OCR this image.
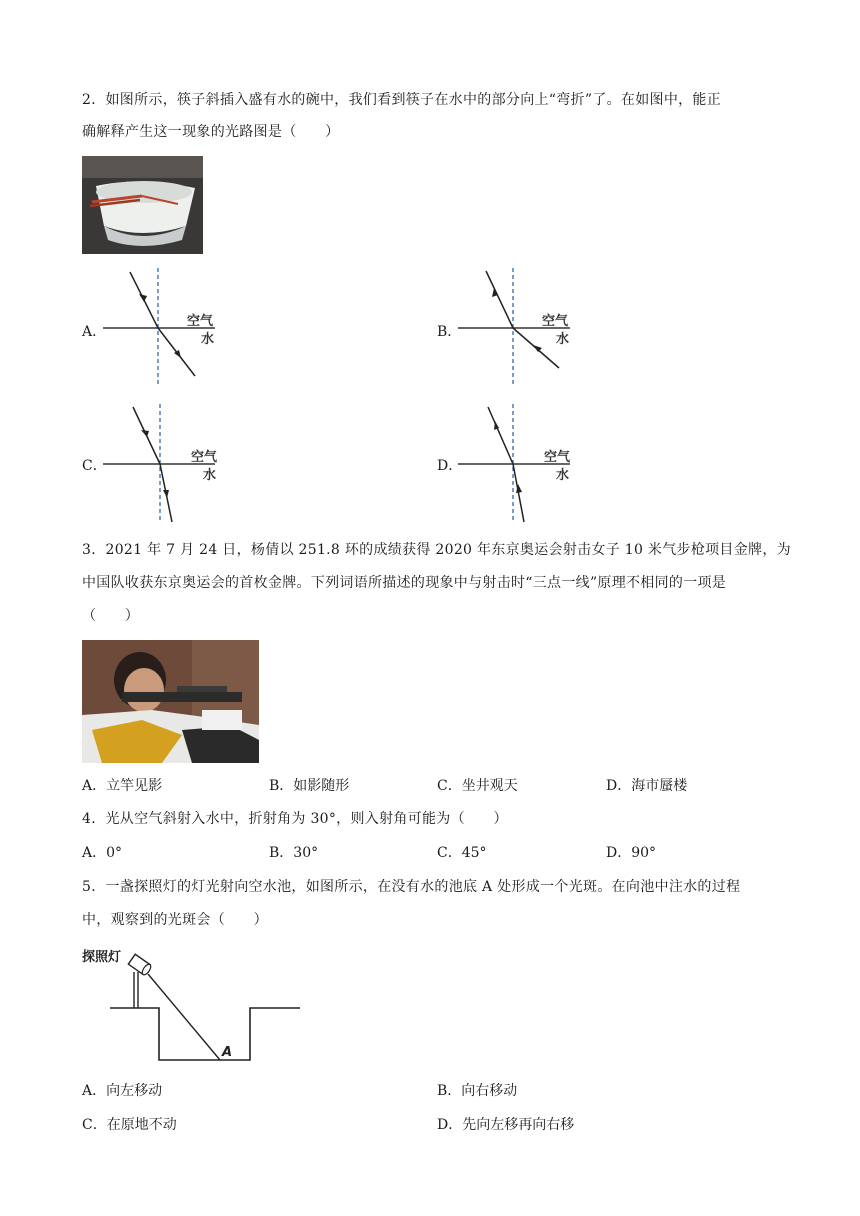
2．如图所示，筷子斜插入盛有水的碗中，我们看到筷子在水中的部分向上“弯折”了。在如图中，能正
确解释产生这一现象的光路图是（　　）
A．
空气
水	B．
空气
水
C．
空气
水
D．
空气
水
3．2021 年 7 月 24 日，杨倩以 251.8 环的成绩获得 2020 年东京奥运会射击女子 10 米气步枪项目金牌，为
中国队收获东京奥运会的首枚金牌。下列词语所描述的现象中与射击时“三点一线”原理不相同的一项是
（　　）
A．立竿见影	B．如影随形	C．坐井观天	D．海市蜃楼
4．光从空气斜射入水中，折射角为 30°，则入射角可能为（　　）
A．0°	B．30°	C．45°	D．90°
5．一盏探照灯的灯光射向空水池，如图所示，在没有水的池底 A 处形成一个光斑。在向池中注水的过程
中，观察到的光斑会（　　）
探照灯
A
A．向左移动	B．向右移动
C．在原地不动	D．先向左移再向右移
